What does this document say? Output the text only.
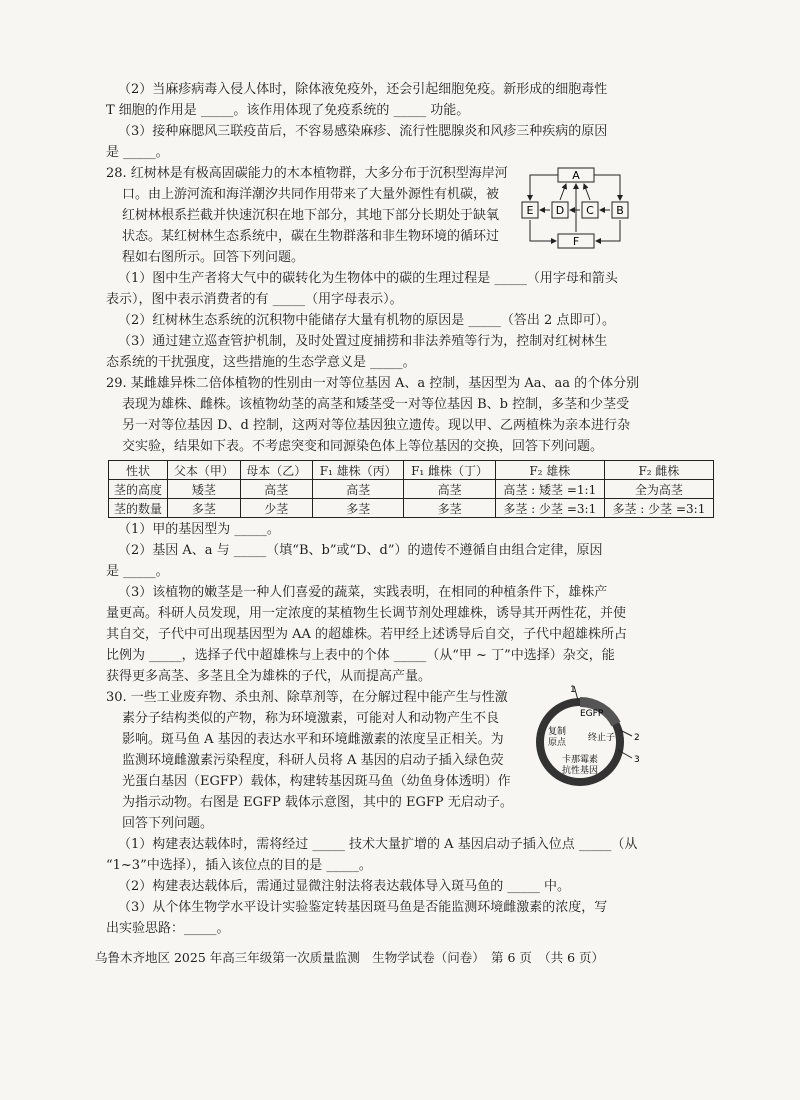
（2）当麻疹病毒入侵人体时，除体液免疫外，还会引起细胞免疫。新形成的细胞毒性
T 细胞的作用是 _____。该作用体现了免疫系统的 _____ 功能。
（3）接种麻腮风三联疫苗后，不容易感染麻疹、流行性腮腺炎和风疹三种疾病的原因
是 _____。
28. 红树林是有极高固碳能力的木本植物群，大多分布于沉积型海岸河
口。由上游河流和海洋潮汐共同作用带来了大量外源性有机碳，被
红树林根系拦截并快速沉积在地下部分，其地下部分长期处于缺氧
状态。某红树林生态系统中，碳在生物群落和非生物环境的循环过
程如右图所示。回答下列问题。
A
E D C B
F
（1）图中生产者将大气中的碳转化为生物体中的碳的生理过程是 _____（用字母和箭头
表示），图中表示消费者的有 _____（用字母表示）。
（2）红树林生态系统的沉积物中能储存大量有机物的原因是 _____（答出 2 点即可）。
（3）通过建立巡查管护机制，及时处置过度捕捞和非法养殖等行为，控制对红树林生
态系统的干扰强度，这些措施的生态学意义是 _____。
29. 某雌雄异株二倍体植物的性别由一对等位基因 A、a 控制，基因型为 Aa、aa 的个体分别
表现为雄株、雌株。该植物幼茎的高茎和矮茎受一对等位基因 B、b 控制，多茎和少茎受
另一对等位基因 D、d 控制，这两对等位基因独立遗传。现以甲、乙两植株为亲本进行杂
交实验，结果如下表。不考虑突变和同源染色体上等位基因的交换，回答下列问题。
性状	父本（甲）	母本（乙）	F₁ 雄株（丙）	F₁ 雌株（丁）	F₂ 雄株	F₂ 雌株
茎的高度	矮茎	高茎	高茎	高茎	高茎 : 矮茎 =1:1	全为高茎
茎的数量	多茎	少茎	多茎	多茎	多茎 : 少茎 =3:1	多茎 : 少茎 =3:1
（1）甲的基因型为 _____。
（2）基因 A、a 与 _____（填“B、b”或“D、d”）的遗传不遵循自由组合定律，原因
是 _____。
（3）该植物的嫩茎是一种人们喜爱的蔬菜，实践表明，在相同的种植条件下，雄株产
量更高。科研人员发现，用一定浓度的某植物生长调节剂处理雄株，诱导其开两性花，并使
其自交，子代中可出现基因型为 AA 的超雄株。若甲经上述诱导后自交，子代中超雄株所占
比例为 _____，选择子代中超雄株与上表中的个体 _____（从“甲 ~ 丁”中选择）杂交，能
获得更多高茎、多茎且全为雄株的子代，从而提高产量。
30. 一些工业废弃物、杀虫剂、除草剂等，在分解过程中能产生与性激
素分子结构类似的产物，称为环境激素，可能对人和动物产生不良
影响。斑马鱼 A 基因的表达水平和环境雌激素的浓度呈正相关。为
监测环境雌激素污染程度，科研人员将 A 基因的启动子插入绿色荧
光蛋白基因（EGFP）载体，构建转基因斑马鱼（幼鱼身体透明）作
为指示动物。右图是 EGFP 载体示意图，其中的 EGFP 无启动子。
回答下列问题。
1
2
3
EGFP
复制
原点 终止子
卡那霉素
抗性基因
（1）构建表达载体时，需将经过 _____ 技术大量扩增的 A 基因启动子插入位点 _____（从
“1~3”中选择），插入该位点的目的是 _____。
（2）构建表达载体后，需通过显微注射法将表达载体导入斑马鱼的 _____ 中。
（3）从个体生物学水平设计实验鉴定转基因斑马鱼是否能监测环境雌激素的浓度，写
出实验思路：_____。
乌鲁木齐地区 2025 年高三年级第一次质量监测　生物学试卷（问卷）　第 6 页　（共 6 页）
